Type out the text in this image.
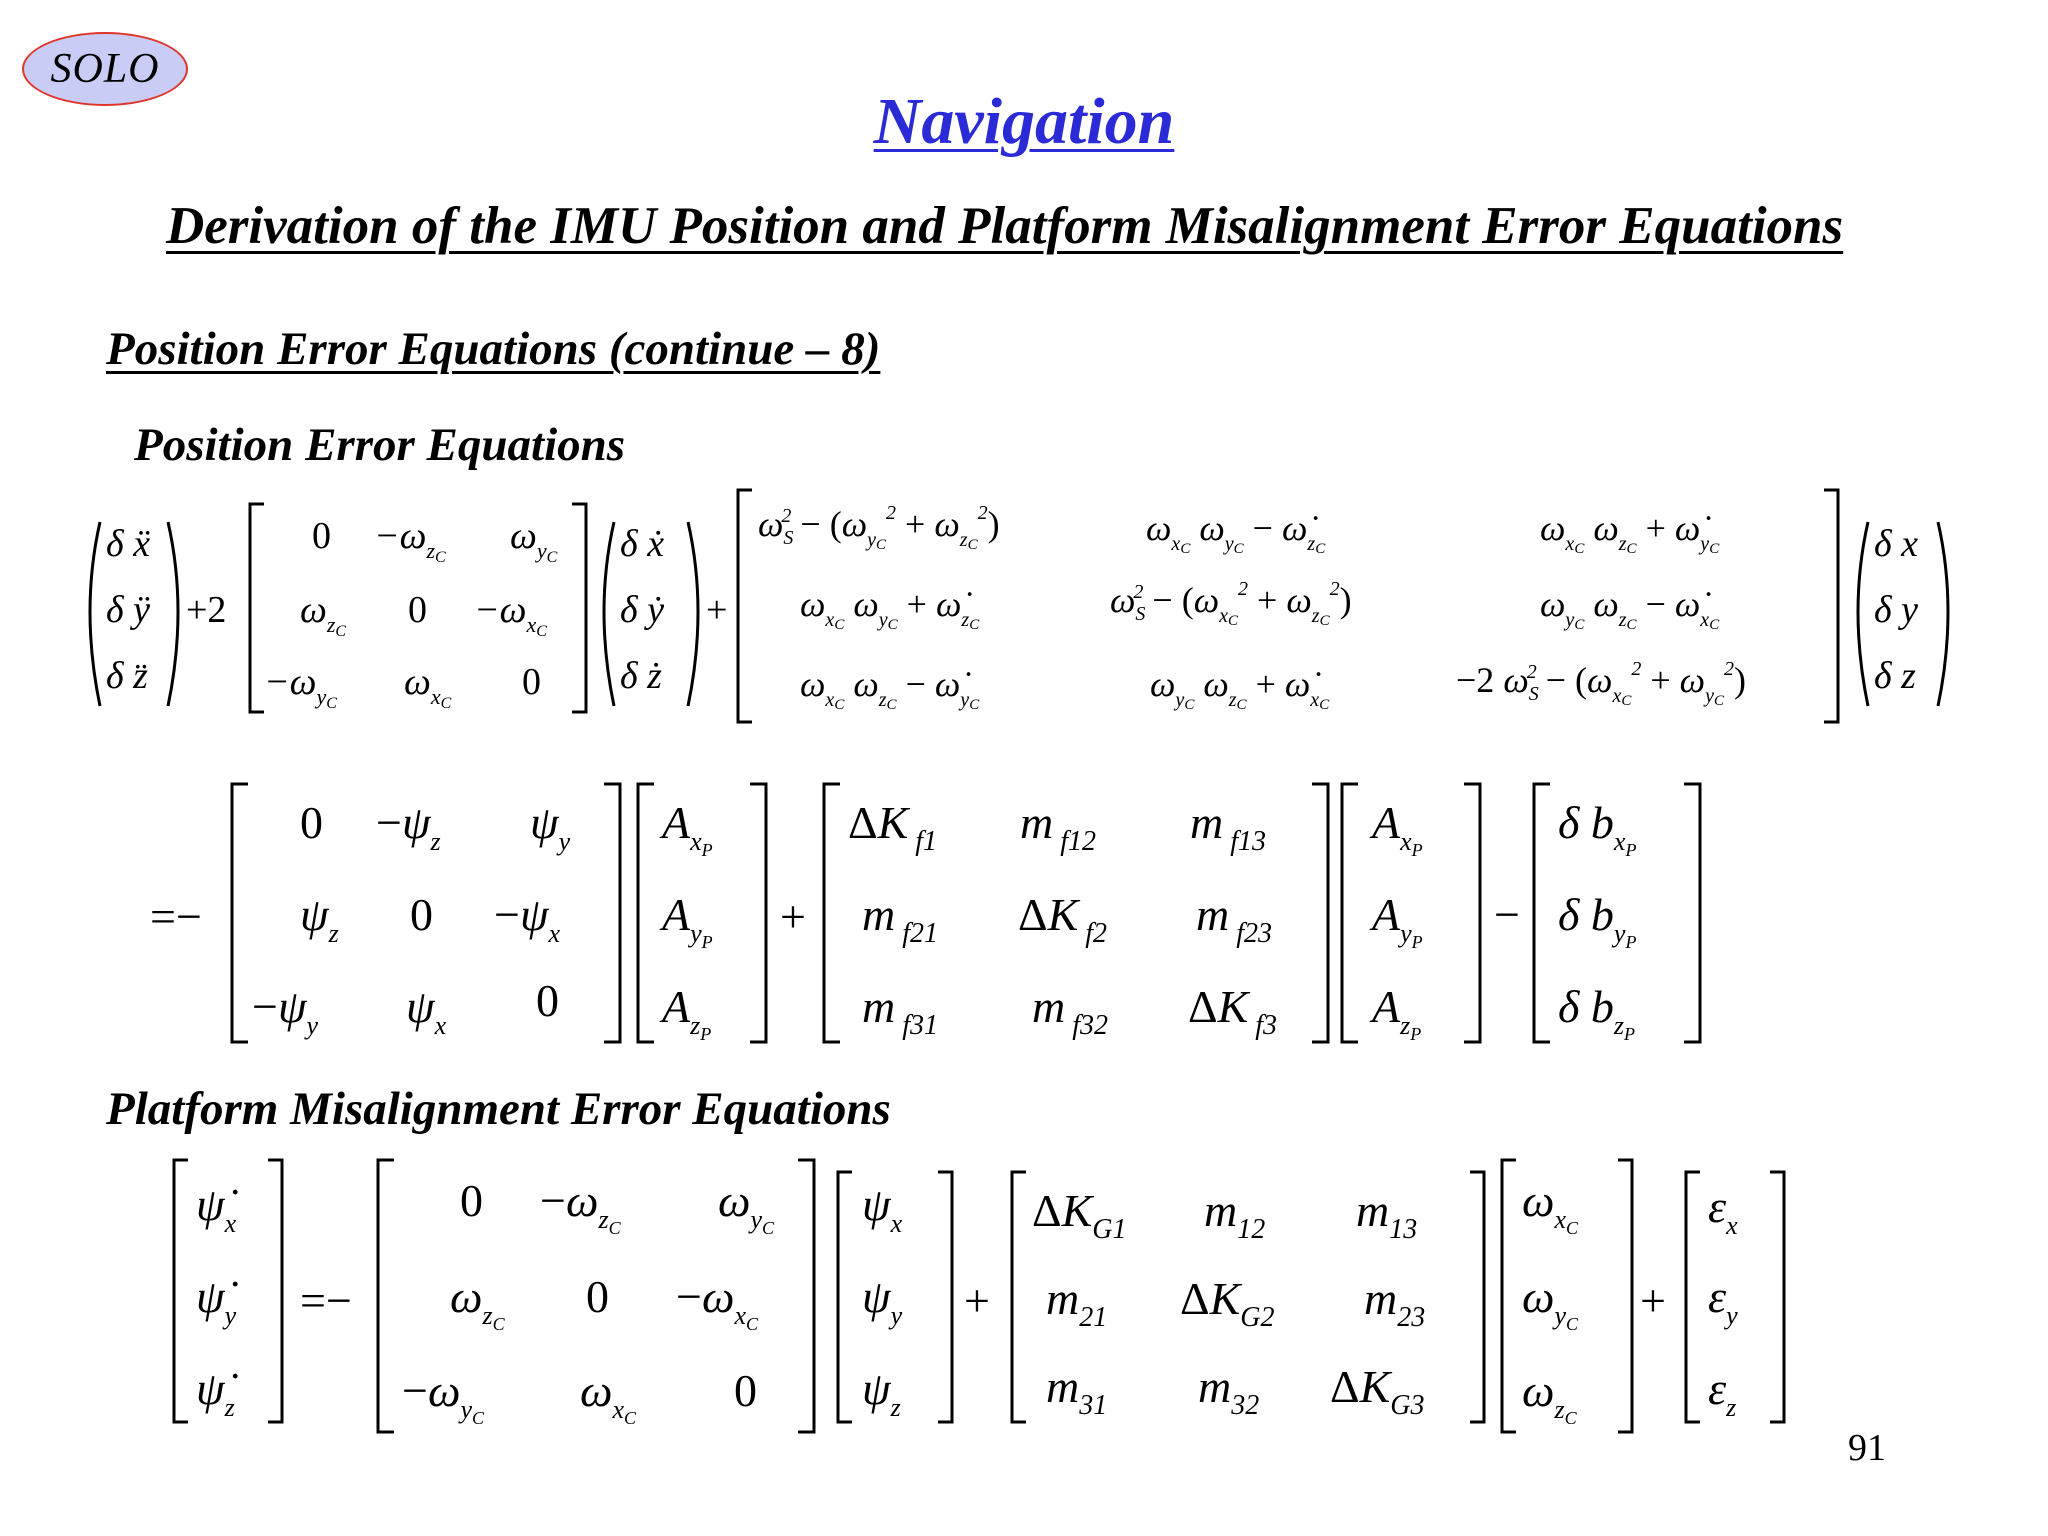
SOLO
Navigation
Derivation of the IMU Position and Platform Misalignment Error Equations
Position Error Equations (continue – 8)
Position Error Equations
Platform Misalignment Error Equations
91
δ ẍ
δ ÿ
δ z̈
+2
$0 -\omega_zC$
$\omega_yC$
$\omega_zC$
$0 -\omega_xC$
$-\omega_yC$
$\omega_xC$
0
δ ẋ
δ ẏ
δ ż
+
$\omega_S2 - (\omega_yC^2 + \omega_zC^2)$	$\omega_xC$ $\omega_yC$ − $\omegȧ_zC$
$\omega_xC$ $\omega_zC$ + $\omegȧ_yC$
$\omega_xC$ $\omega_yC$ + $\omegȧ_zC$
$\omega_S2 - (\omega_xC^2 + \omega_zC^2)$	$\omega_yC$ $\omega_zC$ − $\omegȧ_xC$
$\omega_xC$ $\omega_zC$ − $\omegȧ_yC$
$\omega_yC$ $\omega_zC$ + $\omegȧ_xC$
−2 $\omega_S2 - (\omega_xC^2 + \omega_yC^2)$
δ x
δ y
δ z
=−
$0 -\psi_z$ $\psi_y$
$\psi_z$ $0 -\psi_x$
$-\psi_y$ $\psi_x$ 0
$A_xP$
$A_yP$
$A_zP$
+
ΔK $_{f1}$ m $_{f12}$ m $_{f13}$
m $_{f21}$ ΔK $_{f2}$ m $_{f23}$
m $_{f31}$ m $_{f32}$ ΔK $_{f3}$
$A_xP$
$A_yP$
$A_zP$
−
δ $b_xP$
δ $b_yP$
δ $b_zP$
$\psi̇_x$
$\psi̇_y$
$\psi̇_z$
=−
$0 -\omega_zC$
$\omega_yC$
$\omega_zC$
$0 -\omega_xC$
$-\omega_yC$
$\omega_xC$
0
$\psi_x$
$\psi_y$
$\psi_z$
+
$\Delta K_{G1}$ $m_{12}$ $m_{13}$
$m_{21}$ $\Delta K_{G2}$ $m_{23}$
$m_{31}$ $m_{32}$ $\Delta K_{G3}$
$\omega_xC$
$\omega_yC$
$\omega_zC$
+
$\varepsilon_x$
$\varepsilon_y$
$\varepsilon_z$
